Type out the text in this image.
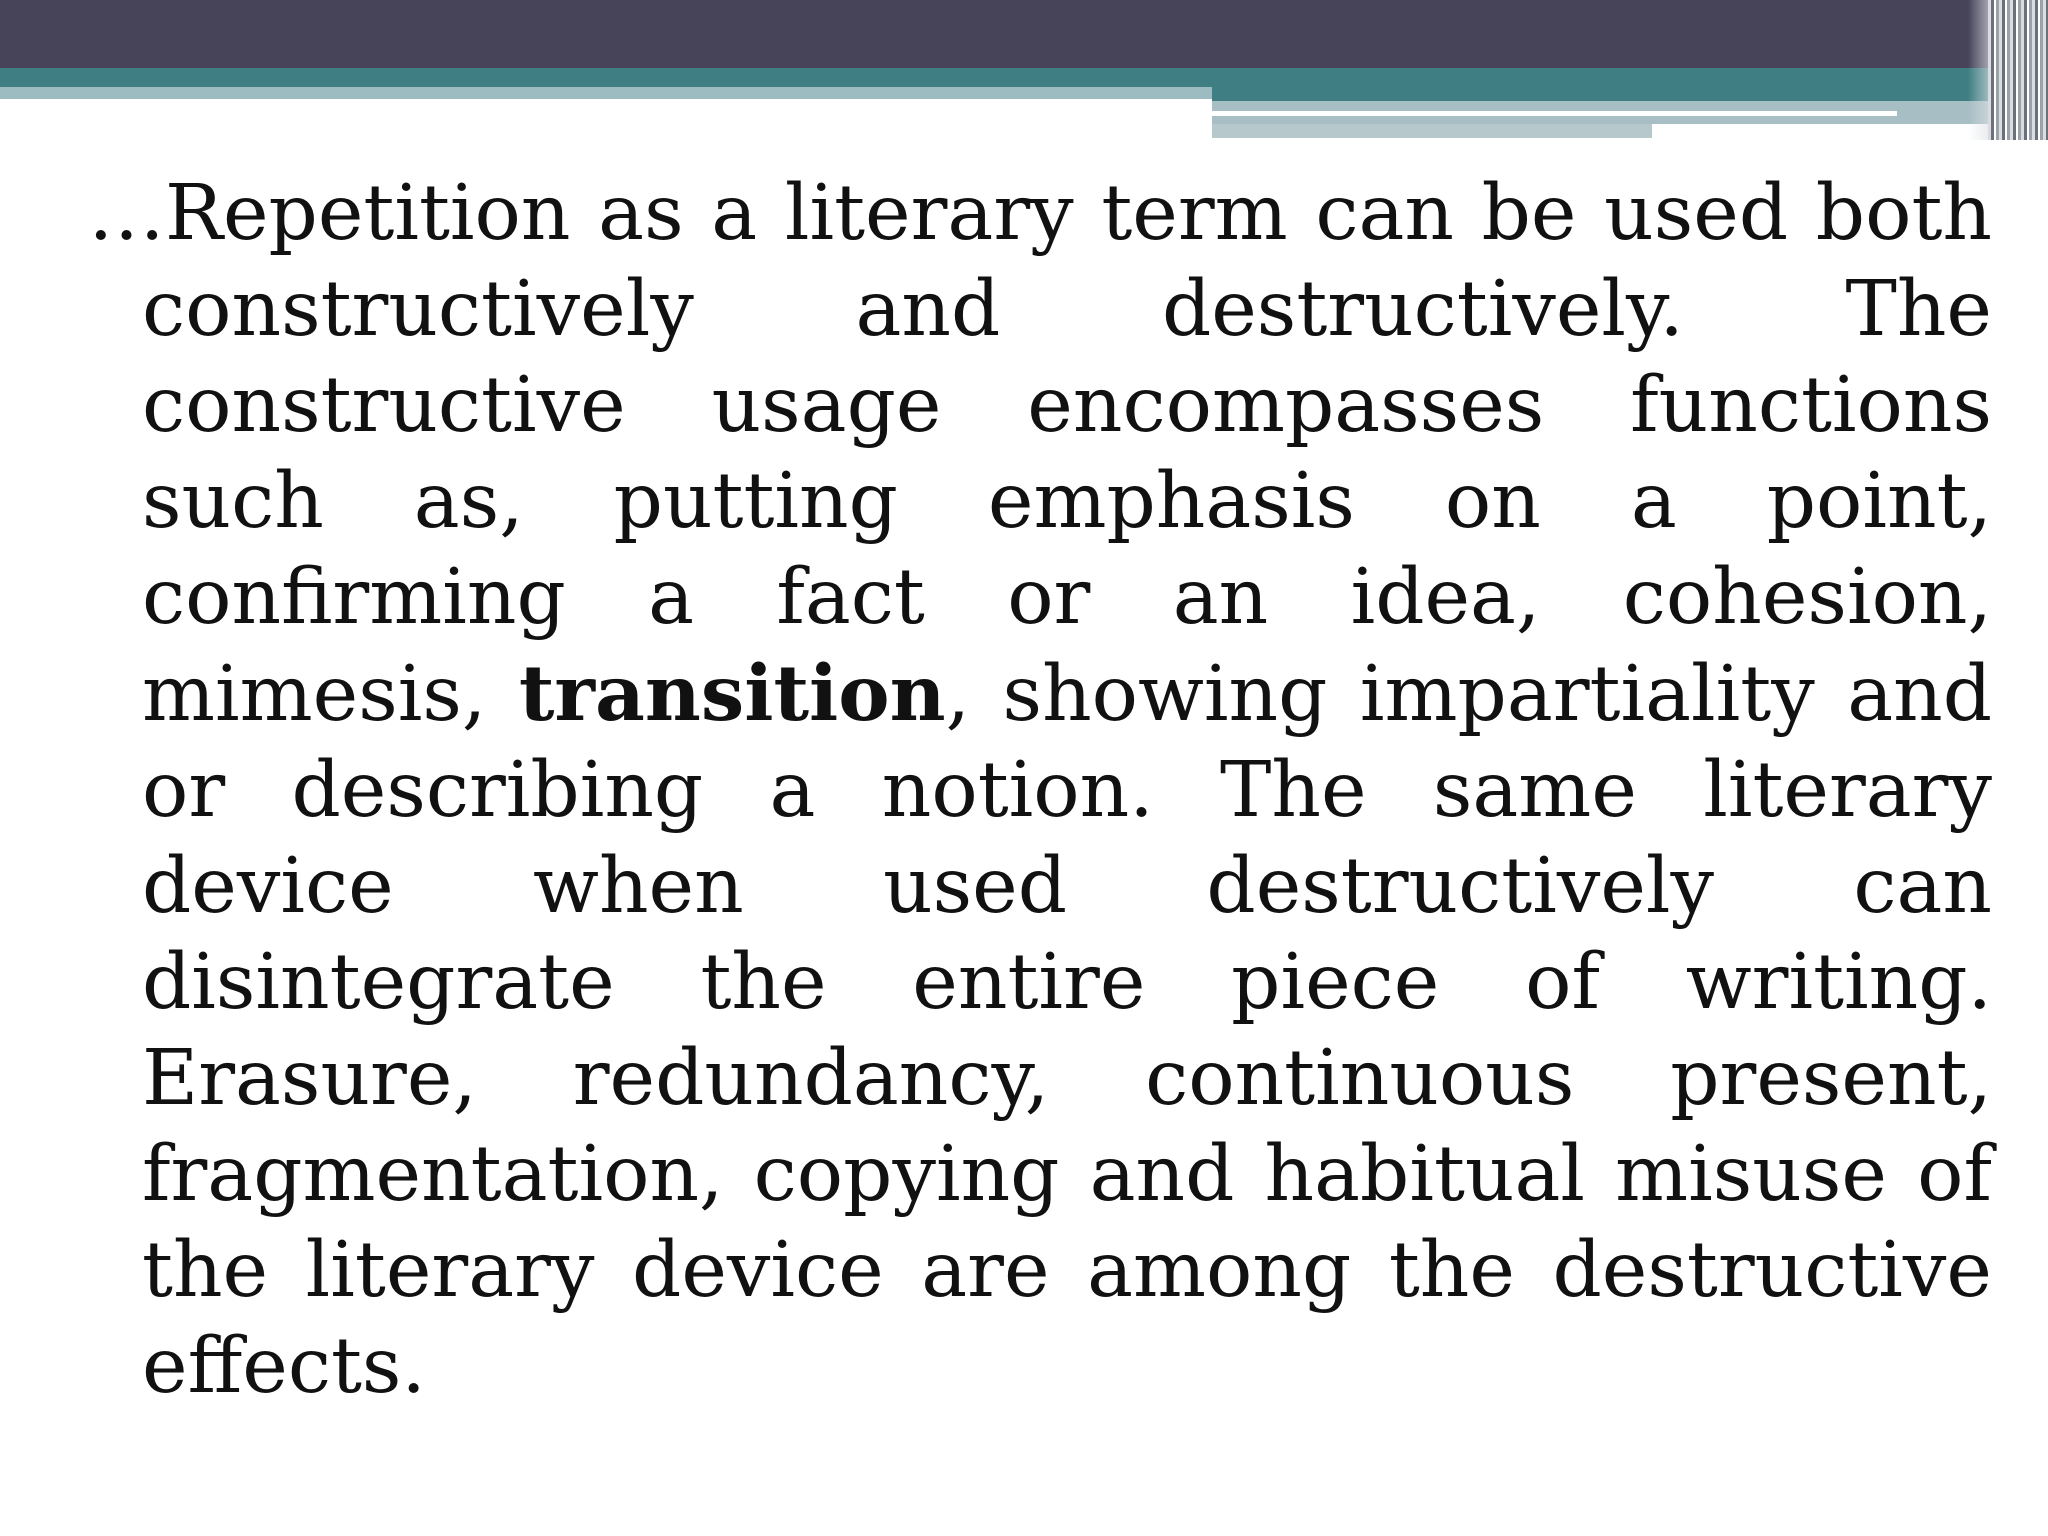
…Repetition as a literary term can be used both constructively and destructively. The constructive usage encompasses functions such as, putting emphasis on a point, confirming a fact or an idea, cohesion, mimesis, transition, showing impartiality and or describing a notion. The same literary device when used destructively can disintegrate the entire piece of writing. Erasure, redundancy, continuous present, fragmentation, copying and habitual misuse of the literary device are among the destructive effects.
